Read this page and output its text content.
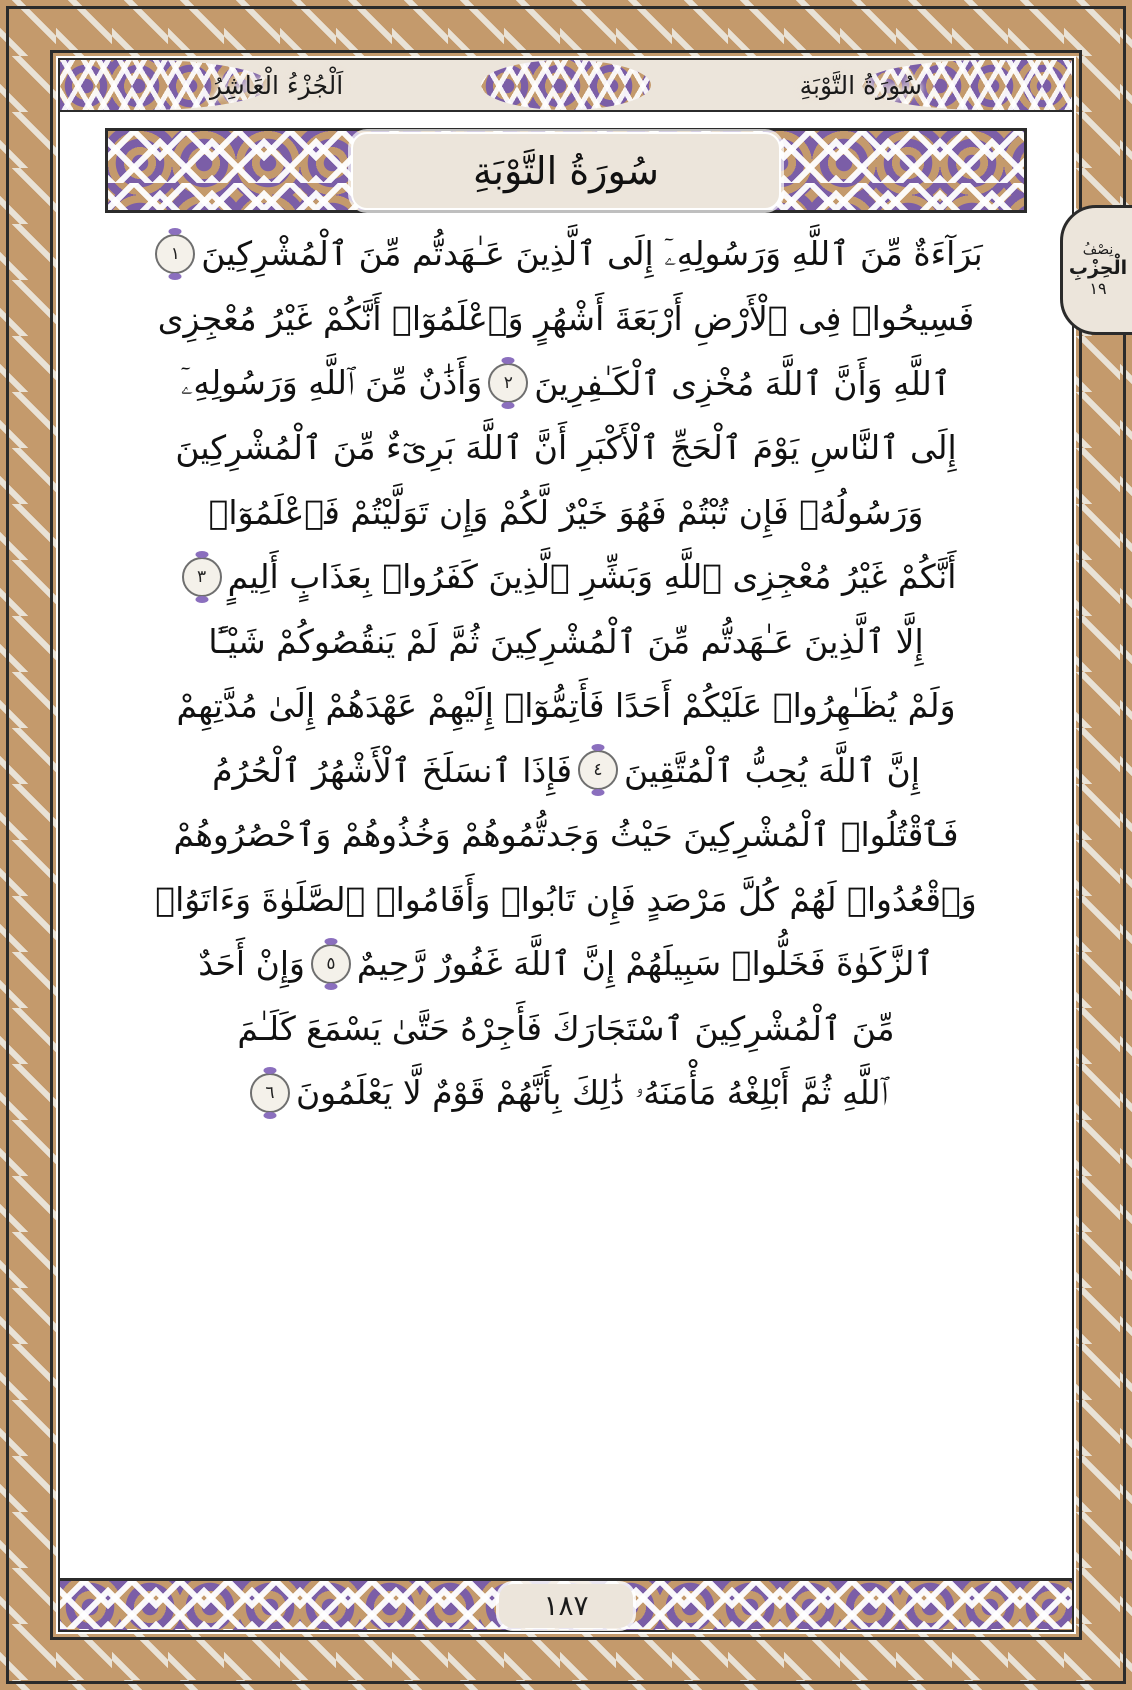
سُورَةُ التَّوْبَةِ
اَلْجُزْءُ الْعَاشِرُ
سُورَةُ التَّوْبَةِ
نِصْفُ
الْحِزْبِ
١٩
بَرَآءَةٌ مِّنَ ٱللَّهِ وَرَسُولِهِۦٓ إِلَى ٱلَّذِينَ عَـٰهَدتُّم مِّنَ ٱلْمُشْرِكِينَ
١
فَسِيحُوا۟ فِى ٱلْأَرْضِ أَرْبَعَةَ أَشْهُرٍ وَٱعْلَمُوٓا۟ أَنَّكُمْ غَيْرُ مُعْجِزِى
ٱللَّهِ وَأَنَّ ٱللَّهَ مُخْزِى ٱلْكَـٰفِرِينَ
٢
وَأَذَٰنٌ مِّنَ ٱللَّهِ وَرَسُولِهِۦٓ
إِلَى ٱلنَّاسِ يَوْمَ ٱلْحَجِّ ٱلْأَكْبَرِ أَنَّ ٱللَّهَ بَرِىٓءٌ مِّنَ ٱلْمُشْرِكِينَ
وَرَسُولُهُۥ فَإِن تُبْتُمْ فَهُوَ خَيْرٌ لَّكُمْ وَإِن تَوَلَّيْتُمْ فَٱعْلَمُوٓا۟
أَنَّكُمْ غَيْرُ مُعْجِزِى ٱللَّهِ وَبَشِّرِ ٱلَّذِينَ كَفَرُوا۟ بِعَذَابٍ أَلِيمٍ
٣
إِلَّا ٱلَّذِينَ عَـٰهَدتُّم مِّنَ ٱلْمُشْرِكِينَ ثُمَّ لَمْ يَنقُصُوكُمْ شَيْـًٔا
وَلَمْ يُظَـٰهِرُوا۟ عَلَيْكُمْ أَحَدًا فَأَتِمُّوٓا۟ إِلَيْهِمْ عَهْدَهُمْ إِلَىٰ مُدَّتِهِمْ
إِنَّ ٱللَّهَ يُحِبُّ ٱلْمُتَّقِينَ
٤
فَإِذَا ٱنسَلَخَ ٱلْأَشْهُرُ ٱلْحُرُمُ
فَٱقْتُلُوا۟ ٱلْمُشْرِكِينَ حَيْثُ وَجَدتُّمُوهُمْ وَخُذُوهُمْ وَٱحْصُرُوهُمْ
وَٱقْعُدُوا۟ لَهُمْ كُلَّ مَرْصَدٍ فَإِن تَابُوا۟ وَأَقَامُوا۟ ٱلصَّلَوٰةَ وَءَاتَوُا۟
ٱلزَّكَوٰةَ فَخَلُّوا۟ سَبِيلَهُمْ إِنَّ ٱللَّهَ غَفُورٌ رَّحِيمٌ
٥
وَإِنْ أَحَدٌ
مِّنَ ٱلْمُشْرِكِينَ ٱسْتَجَارَكَ فَأَجِرْهُ حَتَّىٰ يَسْمَعَ كَلَـٰمَ
ٱللَّهِ ثُمَّ أَبْلِغْهُ مَأْمَنَهُۥ ذَٰلِكَ بِأَنَّهُمْ قَوْمٌ لَّا يَعْلَمُونَ
٦
١٨٧
